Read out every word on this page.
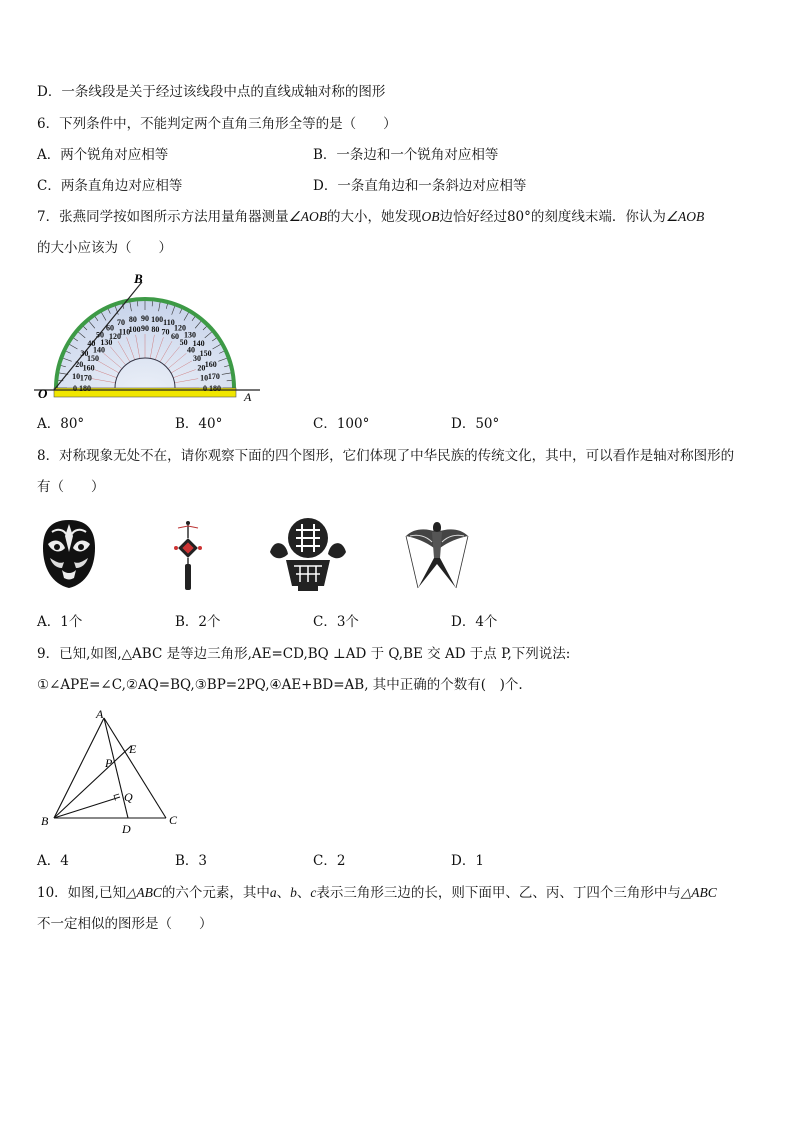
D．一条线段是关于经过该线段中点的直线成轴对称的图形
6．下列条件中，不能判定两个直角三角形全等的是（　　）
A．两个锐角对应相等	B．一条边和一个锐角对应相等
C．两条直角边对应相等	D．一条直角边和一条斜边对应相等
7．张燕同学按如图所示方法用量角器测量∠AOB的大小，她发现OB边恰好经过80°的刻度线末端．你认为∠AOB
的大小应该为（　　）
0
10
20
30
40
50
60
70 80 90 100 110
120
130
140
150
160
170
180
180
170
160
150
140
130
120
110
100 90 80 70 60
50
40
30
20
10
0
B
O	A
A．80°	B．40°	C．100°	D．50°
8．对称现象无处不在，请你观察下面的四个图形，它们体现了中华民族的传统文化，其中，可以看作是轴对称图形的
有（　　）
A．1个	B．2个	C．3个	D．4个
9．已知,如图,△ABC 是等边三角形,AE=CD,BQ ⊥AD 于 Q,BE 交 AD 于点 P,下列说法:
①∠APE=∠C,②AQ=BQ,③BP=2PQ,④AE+BD=AB, 其中正确的个数有(　)个.
A
E
P
Q
B
D
C
A．4	B．3	C．2	D．1
10．如图,已知△ABC的六个元素，其中a、b、c表示三角形三边的长，则下面甲、乙、丙、丁四个三角形中与△ABC
不一定相似的图形是（　　）
